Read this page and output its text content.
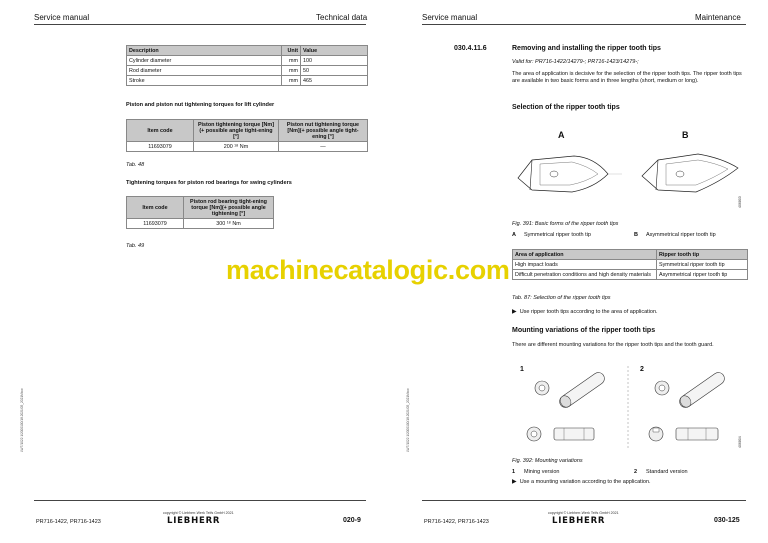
Service manual	Technical data
Description	Unit	Value
Cylinder diameter	mm	100
Rod diameter	mm	50
Stroke	mm	465
Piston and piston nut tightening torques for lift cylinder
Item code	Piston tightening torque [Nm](+ possible angle tight-ening [°]	Piston nut tightening torque [Nm](+ possible angle tight-ening [°]
11693079	200 ¹⁸ Nm	—
Tab. 48
Tightening torques for piston rod bearings for swing cylinders
Item code	Piston rod bearing tight-ening torque [Nm](+ possible angle tightening [°]
11693079	300 ¹⁸ Nm
Tab. 49
LWT/1022 1/2000100/18.2021/05_2021Miow
copyright © Liebherr-Werk Telfs GmbH 2021
LIEBHERR
PR716-1422, PR716-1423	020-9
Service manual	Maintenance
030.4.11.6	Removing and installing the ripper tooth tips
Valid for: PR716-1422/14279-; PR716-1423/14279-;
The area of application is decisive for the selection of the ripper tooth tips. The ripper tooth tips are available in two basic forms and in three lengths (short, medium or long).
Selection of the ripper tooth tips
A	B
406803
Fig. 391: Basic forms of the ripper tooth tips
A Symmetrical ripper tooth tip	B Asymmetrical ripper tooth tip
Area of application	Ripper tooth tip
High impact loads	Symmetrical ripper tooth tip
Difficult penetration conditions and high density materials	Asymmetrical ripper tooth tip
Tab. 87: Selection of the ripper tooth tips
▶ Use ripper tooth tips according to the area of application.
Mounting variations of the ripper tooth tips
There are different mounting variations for the ripper tooth tips and the tooth guard.
1	2
406804
Fig. 392: Mounting variations
1 Mining version	2 Standard version
▶ Use a mounting variation according to the application.
LWT/1022 1/2000100/18.2021/05_2021Miow
copyright © Liebherr-Werk Telfs GmbH 2021
LIEBHERR
PR716-1422, PR716-1423	030-125
machinecatalogic.com
